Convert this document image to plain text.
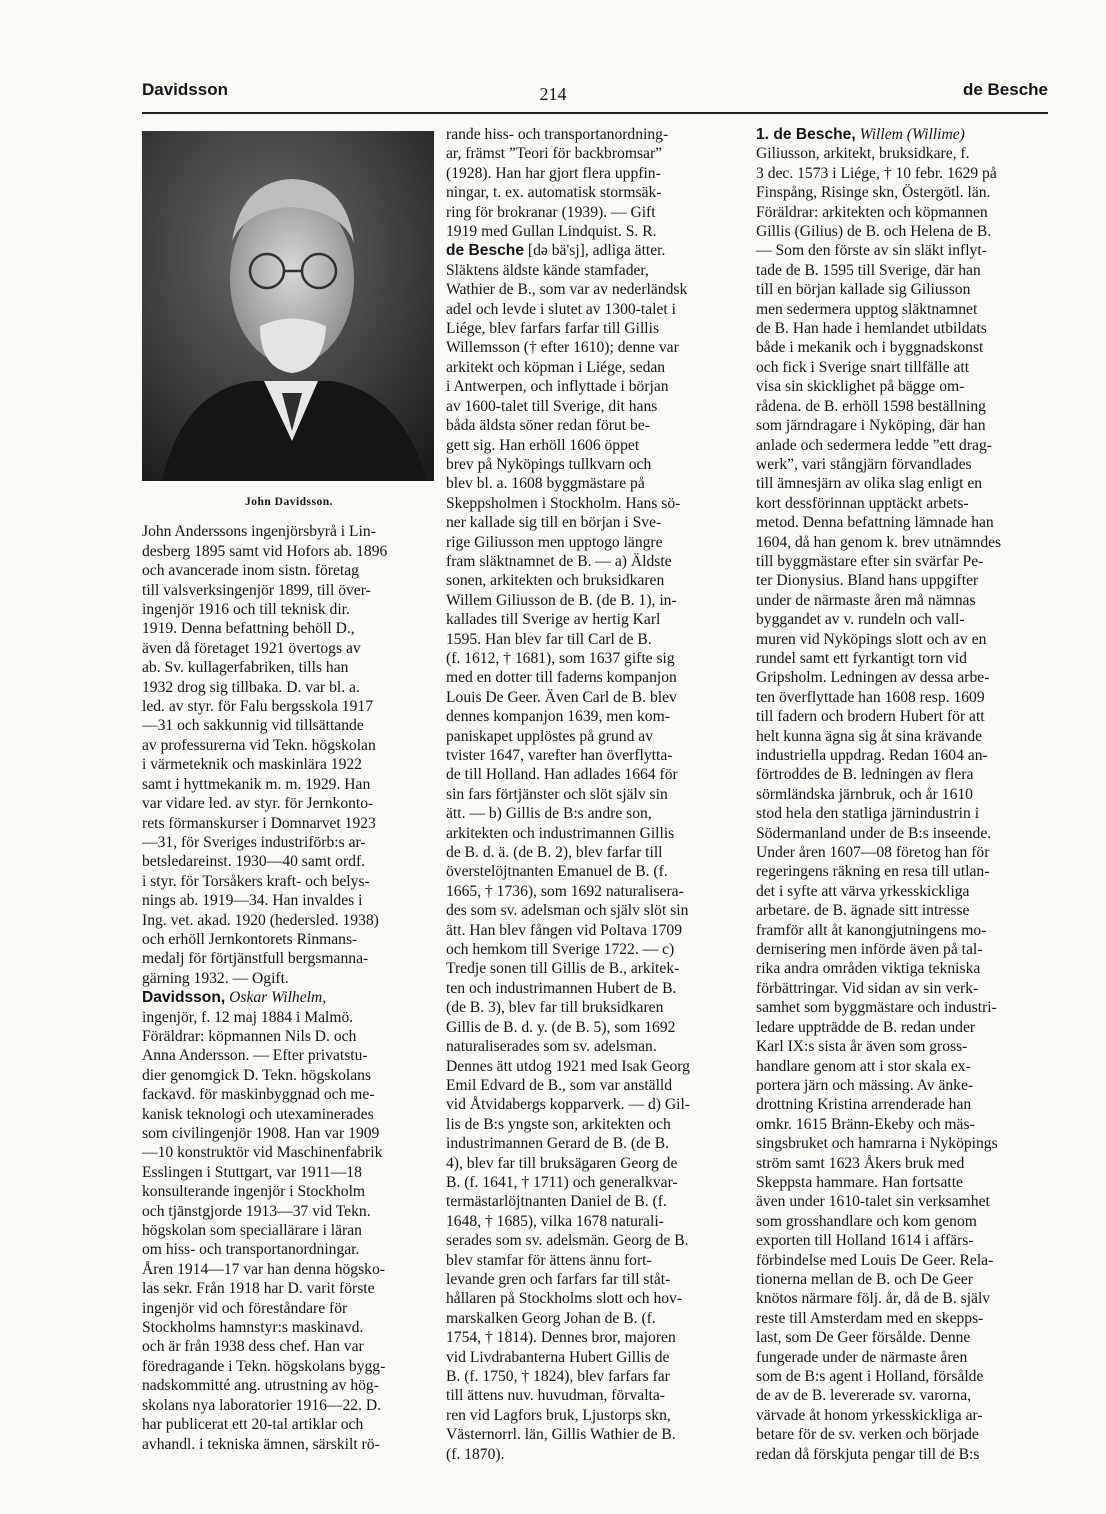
Davidsson	214	de Besche
John Davidsson.

John Anderssons ingenjörsbyrå i Lin-
desberg 1895 samt vid Hofors ab. 1896
och avancerade inom sistn. företag
till valsverksingenjör 1899, till över-
ingenjör 1916 och till teknisk dir.
1919. Denna befattning behöll D.,
även då företaget 1921 övertogs av
ab. Sv. kullagerfabriken, tills han
1932 drog sig tillbaka. D. var bl. a.
led. av styr. för Falu bergsskola 1917
—31 och sakkunnig vid tillsättande
av professurerna vid Tekn. högskolan
i värmeteknik och maskinlära 1922
samt i hyttmekanik m. m. 1929. Han
var vidare led. av styr. för Jernkonto-
rets förmanskurser i Domnarvet 1923
—31, för Sveriges industriförb:s ar-
betsledareinst. 1930—40 samt ordf.
i styr. för Torsåkers kraft- och belys-
nings ab. 1919—34. Han invaldes i
Ing. vet. akad. 1920 (hedersled. 1938)
och erhöll Jernkontorets Rinmans-
medalj för förtjänstfull bergsmanna-
gärning 1932. — Ogift.

Davidsson, Oskar Wilhelm,
ingenjör, f. 12 maj 1884 i Malmö.
Föräldrar: köpmannen Nils D. och
Anna Andersson. — Efter privatstu-
dier genomgick D. Tekn. högskolans
fackavd. för maskinbyggnad och me-
kanisk teknologi och utexaminerades
som civilingenjör 1908. Han var 1909
—10 konstruktör vid Maschinenfabrik
Esslingen i Stuttgart, var 1911—18
konsulterande ingenjör i Stockholm
och tjänstgjorde 1913—37 vid Tekn.
högskolan som speciallärare i läran
om hiss- och transportanordningar.
Åren 1914—17 var han denna högsko-
las sekr. Från 1918 har D. varit förste
ingenjör vid och föreståndare för
Stockholms hamnstyr:s maskinavd.
och är från 1938 dess chef. Han var
föredragande i Tekn. högskolans bygg-
nadskommitté ang. utrustning av hög-
skolans nya laboratorier 1916—22. D.
har publicerat ett 20-tal artiklar och
avhandl. i tekniska ämnen, särskilt rö-

rande hiss- och transportanordning-
ar, främst ”Teori för backbromsar”
(1928). Han har gjort flera uppfin-
ningar, t. ex. automatisk stormsäk-
ring för brokranar (1939). — Gift
1919 med Gullan Lindquist. S. R.

de Besche [də bä'sj], adliga ätter.
Släktens äldste kände stamfader,
Wathier de B., som var av nederländsk
adel och levde i slutet av 1300-talet i
Liége, blev farfars farfar till Gillis
Willemsson († efter 1610); denne var
arkitekt och köpman i Liége, sedan
i Antwerpen, och inflyttade i början
av 1600-talet till Sverige, dit hans
båda äldsta söner redan förut be-
gett sig. Han erhöll 1606 öppet
brev på Nyköpings tullkvarn och
blev bl. a. 1608 byggmästare på
Skeppsholmen i Stockholm. Hans sö-
ner kallade sig till en början i Sve-
rige Giliusson men upptogo längre
fram släktnamnet de B. — a) Äldste
sonen, arkitekten och bruksidkaren
Willem Giliusson de B. (de B. 1), in-
kallades till Sverige av hertig Karl
1595. Han blev far till Carl de B.
(f. 1612, † 1681), som 1637 gifte sig
med en dotter till faderns kompanjon
Louis De Geer. Även Carl de B. blev
dennes kompanjon 1639, men kom-
paniskapet upplöstes på grund av
tvister 1647, varefter han överflytta-
de till Holland. Han adlades 1664 för
sin fars förtjänster och slöt själv sin
ätt. — b) Gillis de B:s andre son,
arkitekten och industrimannen Gillis
de B. d. ä. (de B. 2), blev farfar till
överstelöjtnanten Emanuel de B. (f.
1665, † 1736), som 1692 naturalisera-
des som sv. adelsman och själv slöt sin
ätt. Han blev fången vid Poltava 1709
och hemkom till Sverige 1722. — c)
Tredje sonen till Gillis de B., arkitek-
ten och industrimannen Hubert de B.
(de B. 3), blev far till bruksidkaren
Gillis de B. d. y. (de B. 5), som 1692
naturaliserades som sv. adelsman.
Dennes ätt utdog 1921 med Isak Georg
Emil Edvard de B., som var anställd
vid Åtvidabergs kopparverk. — d) Gil-
lis de B:s yngste son, arkitekten och
industrimannen Gerard de B. (de B.
4), blev far till bruksägaren Georg de
B. (f. 1641, † 1711) och generalkvar-
termästarlöjtnanten Daniel de B. (f.
1648, † 1685), vilka 1678 naturali-
serades som sv. adelsmän. Georg de B.
blev stamfar för ättens ännu fort-
levande gren och farfars far till ståt-
hållaren på Stockholms slott och hov-
marskalken Georg Johan de B. (f.
1754, † 1814). Dennes bror, majoren
vid Livdrabanterna Hubert Gillis de
B. (f. 1750, † 1824), blev farfars far
till ättens nuv. huvudman, förvalta-
ren vid Lagfors bruk, Ljustorps skn,
Västernorrl. län, Gillis Wathier de B.
(f. 1870).

1. de Besche, Willem (Willime)
Giliusson, arkitekt, bruksidkare, f.
3 dec. 1573 i Liége, † 10 febr. 1629 på
Finspång, Risinge skn, Östergötl. län.
Föräldrar: arkitekten och köpmannen
Gillis (Gilius) de B. och Helena de B.
— Som den förste av sin släkt inflyt-
tade de B. 1595 till Sverige, där han
till en början kallade sig Giliusson
men sedermera upptog släktnamnet
de B. Han hade i hemlandet utbildats
både i mekanik och i byggnadskonst
och fick i Sverige snart tillfälle att
visa sin skicklighet på bägge om-
rådena. de B. erhöll 1598 beställning
som järndragare i Nyköping, där han
anlade och sedermera ledde ”ett drag-
werk”, vari stångjärn förvandlades
till ämnesjärn av olika slag enligt en
kort dessförinnan upptäckt arbets-
metod. Denna befattning lämnade han
1604, då han genom k. brev utnämndes
till byggmästare efter sin svärfar Pe-
ter Dionysius. Bland hans uppgifter
under de närmaste åren må nämnas
byggandet av v. rundeln och vall-
muren vid Nyköpings slott och av en
rundel samt ett fyrkantigt torn vid
Gripsholm. Ledningen av dessa arbe-
ten överflyttade han 1608 resp. 1609
till fadern och brodern Hubert för att
helt kunna ägna sig åt sina krävande
industriella uppdrag. Redan 1604 an-
förtroddes de B. ledningen av flera
sörmländska järnbruk, och år 1610
stod hela den statliga järnindustrin i
Södermanland under de B:s inseende.
Under åren 1607—08 företog han för
regeringens räkning en resa till utlan-
det i syfte att värva yrkesskickliga
arbetare. de B. ägnade sitt intresse
framför allt åt kanongjutningens mo-
dernisering men införde även på tal-
rika andra områden viktiga tekniska
förbättringar. Vid sidan av sin verk-
samhet som byggmästare och industri-
ledare uppträdde de B. redan under
Karl IX:s sista år även som gross-
handlare genom att i stor skala ex-
portera järn och mässing. Av änke-
drottning Kristina arrenderade han
omkr. 1615 Bränn-Ekeby och mäs-
singsbruket och hamrarna i Nyköpings
ström samt 1623 Åkers bruk med
Skeppsta hammare. Han fortsatte
även under 1610-talet sin verksamhet
som grosshandlare och kom genom
exporten till Holland 1614 i affärs-
förbindelse med Louis De Geer. Rela-
tionerna mellan de B. och De Geer
knötos närmare följ. år, då de B. själv
reste till Amsterdam med en skepps-
last, som De Geer försålde. Denne
fungerade under de närmaste åren
som de B:s agent i Holland, försålde
de av de B. levererade sv. varorna,
värvade åt honom yrkesskickliga ar-
betare för de sv. verken och började
redan då förskjuta pengar till de B:s
